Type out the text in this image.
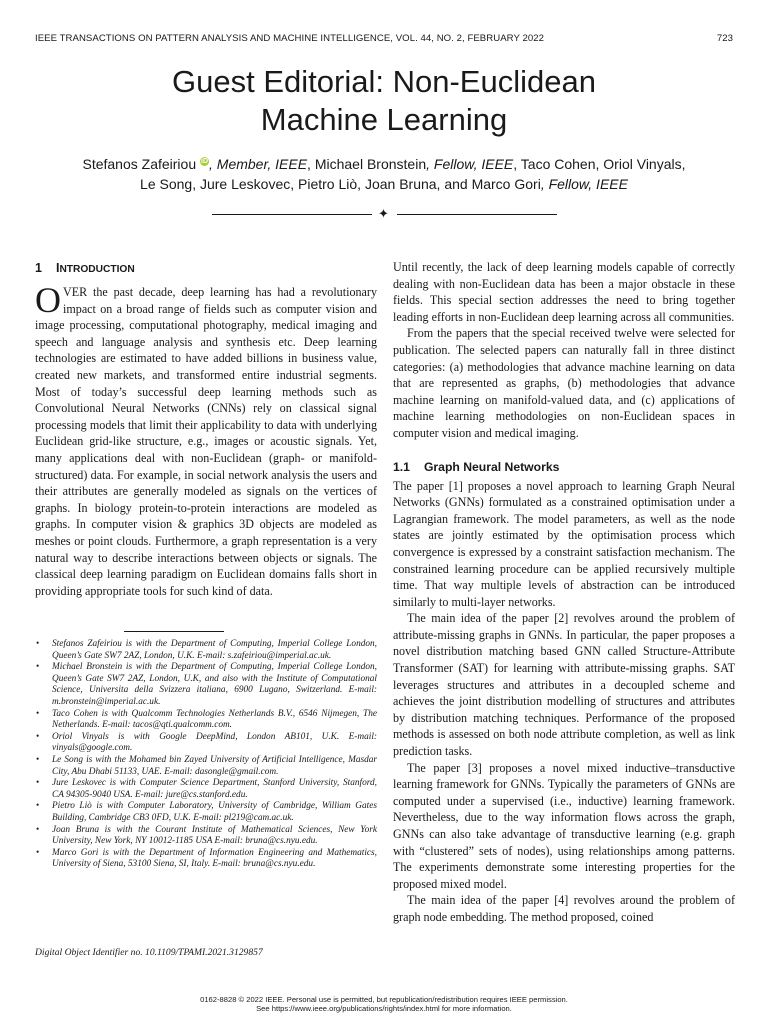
IEEE TRANSACTIONS ON PATTERN ANALYSIS AND MACHINE INTELLIGENCE, VOL. 44, NO. 2, FEBRUARY 2022	723
Guest Editorial: Non-Euclidean
Machine Learning
Stefanos Zafeiriou iD, Member, IEEE, Michael Bronstein, Fellow, IEEE, Taco Cohen, Oriol Vinyals,
Le Song, Jure Leskovec, Pietro Liò, Joan Bruna, and Marco Gori, Fellow, IEEE
✦
1 INTRODUCTION

OVER the past decade, deep learning has had a revolutionary impact on a broad range of fields such as computer vision and image processing, computational photography, medical imaging and speech and language analysis and synthesis etc. Deep learning technologies are estimated to have added billions in business value, created new markets, and transformed entire industrial segments. Most of today’s successful deep learning methods such as Convolutional Neural Networks (CNNs) rely on classical signal processing models that limit their applicability to data with underlying Euclidean grid-like structure, e.g., images or acoustic signals. Yet, many applications deal with non-Euclidean (graph- or manifold-structured) data. For example, in social network analysis the users and their attributes are generally modeled as signals on the vertices of graphs. In biology protein-to-protein interactions are modeled as graphs. In computer vision & graphics 3D objects are modeled as meshes or point clouds. Furthermore, a graph representation is a very natural way to describe interactions between objects or signals. The classical deep learning paradigm on Euclidean domains falls short in providing appropriate tools for such kind of data.

• Stefanos Zafeiriou is with the Department of Computing, Imperial College London, Queen’s Gate SW7 2AZ, London, U.K. E-mail: s.zafeiriou@imperial.ac.uk.
• Michael Bronstein is with the Department of Computing, Imperial College London, Queen’s Gate SW7 2AZ, London, U.K, and also with the Institute of Computational Science, Universita della Svizzera italiana, 6900 Lugano, Switzerland. E-mail: m.bronstein@imperial.ac.uk.
• Taco Cohen is with Qualcomm Technologies Netherlands B.V., 6546 Nijmegen, The Netherlands. E-mail: tacos@qti.qualcomm.com.
• Oriol Vinyals is with Google DeepMind, London AB101, U.K. E-mail: vinyals@google.com.
• Le Song is with the Mohamed bin Zayed University of Artificial Intelligence, Masdar City, Abu Dhabi 51133, UAE. E-mail: dasongle@gmail.com.
• Jure Leskovec is with Computer Science Department, Stanford University, Stanford, CA 94305-9040 USA. E-mail: jure@cs.stanford.edu.
• Pietro Liò is with Computer Laboratory, University of Cambridge, William Gates Building, Cambridge CB3 0FD, U.K. E-mail: pl219@cam.ac.uk.
• Joan Bruna is with the Courant Institute of Mathematical Sciences, New York University, New York, NY 10012-1185 USA E-mail: bruna@cs.nyu.edu.
• Marco Gori is with the Department of Information Engineering and Mathematics, University of Siena, 53100 Siena, SI, Italy. E-mail: bruna@cs.nyu.edu.
Digital Object Identifier no. 10.1109/TPAMI.2021.3129857

Until recently, the lack of deep learning models capable of correctly dealing with non-Euclidean data has been a major obstacle in these fields. This special section addresses the need to bring together leading efforts in non-Euclidean deep learning across all communities.

From the papers that the special received twelve were selected for publication. The selected papers can naturally fall in three distinct categories: (a) methodologies that advance machine learning on data that are represented as graphs, (b) methodologies that advance machine learning on manifold-valued data, and (c) applications of machine learning methodologies on non-Euclidean spaces in computer vision and medical imaging.

1.1 Graph Neural Networks

The paper [1] proposes a novel approach to learning Graph Neural Networks (GNNs) formulated as a constrained optimisation under a Lagrangian framework. The model parameters, as well as the node states are jointly estimated by the optimisation process which convergence is expressed by a constraint satisfaction mechanism. The constrained learning procedure can be applied recursively multiple time. That way multiple levels of abstraction can be introduced similarly to multi-layer networks.

The main idea of the paper [2] revolves around the problem of attribute-missing graphs in GNNs. In particular, the paper proposes a novel distribution matching based GNN called Structure-Attribute Transformer (SAT) for learning with attribute-missing graphs. SAT leverages structures and attributes in a decoupled scheme and achieves the joint distribution modelling of structures and attributes by distribution matching techniques. Performance of the proposed methods is assessed on both node attribute completion, as well as link prediction tasks.

The paper [3] proposes a novel mixed inductive–transductive learning framework for GNNs. Typically the parameters of GNNs are computed under a supervised (i.e., inductive) learning framework. Nevertheless, due to the way information flows across the graph, GNNs can also take advantage of transductive learning (e.g. graph with “clustered” sets of nodes), using relationships among patterns. The experiments demonstrate some interesting properties for the proposed mixed model.

The main idea of the paper [4] revolves around the problem of graph node embedding. The method proposed, coined

0162-8828 © 2022 IEEE. Personal use is permitted, but republication/redistribution requires IEEE permission.
See https://www.ieee.org/publications/rights/index.html for more information.
